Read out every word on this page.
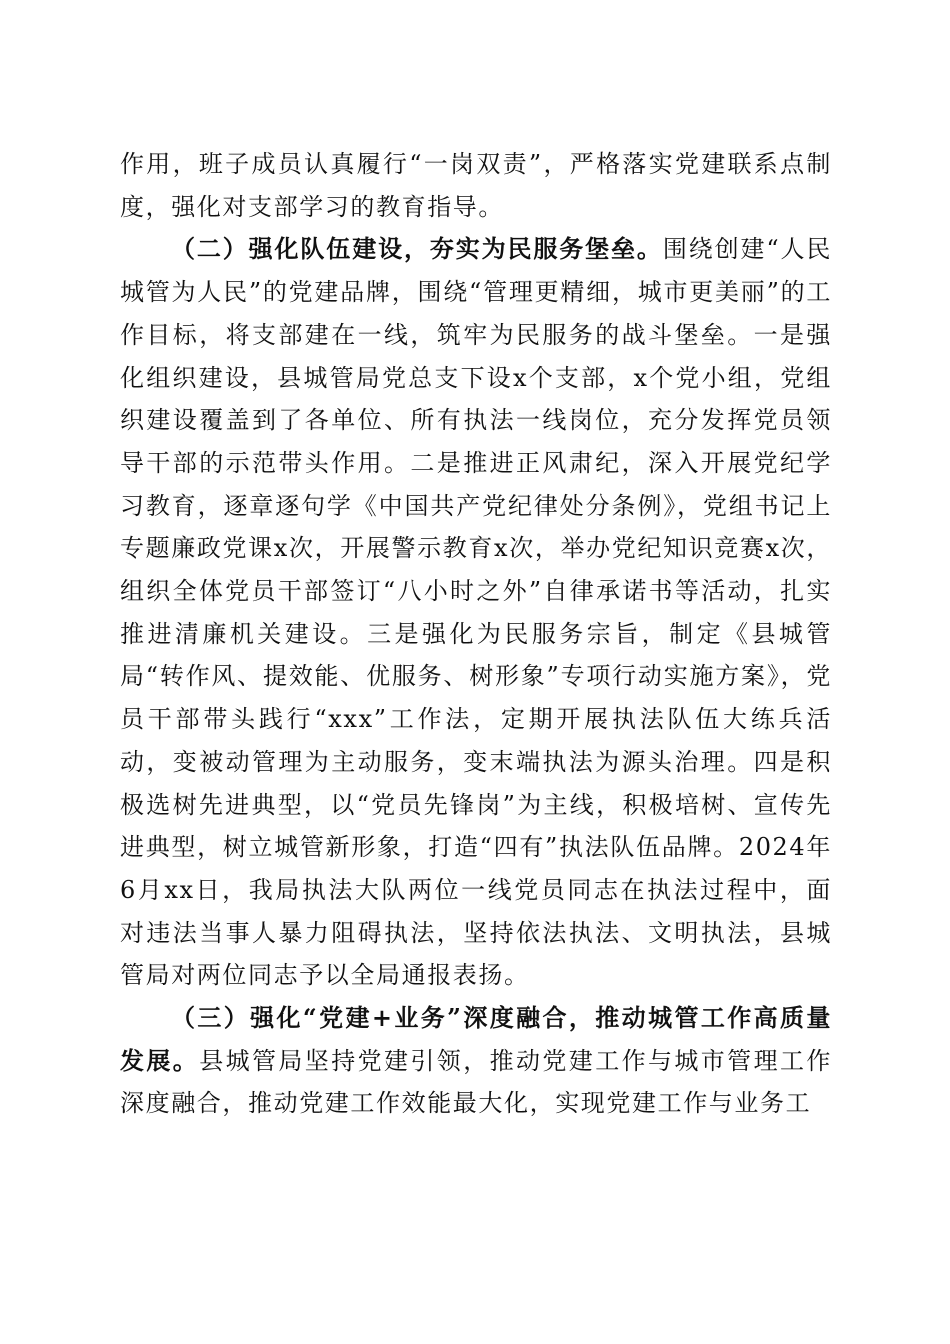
作用，班子成员认真履行“一岗双责”，严格落实党建联系点制度，强化对支部学习的教育指导。

（二）强化队伍建设，夯实为民服务堡垒。围绕创建“人民城管为人民”的党建品牌，围绕“管理更精细，城市更美丽”的工作目标，将支部建在一线，筑牢为民服务的战斗堡垒。一是强化组织建设，县城管局党总支下设x个支部，x个党小组，党组织建设覆盖到了各单位、所有执法一线岗位，充分发挥党员领导干部的示范带头作用。二是推进正风肃纪，深入开展党纪学习教育，逐章逐句学《中国共产党纪律处分条例》，党组书记上专题廉政党课x次，开展警示教育x次，举办党纪知识竞赛x次，组织全体党员干部签订“八小时之外”自律承诺书等活动，扎实推进清廉机关建设。三是强化为民服务宗旨，制定《县城管局“转作风、提效能、优服务、树形象”专项行动实施方案》，党员干部带头践行“xxx”工作法，定期开展执法队伍大练兵活动，变被动管理为主动服务，变末端执法为源头治理。四是积极选树先进典型，以“党员先锋岗”为主线，积极培树、宣传先进典型，树立城管新形象，打造“四有”执法队伍品牌。2024年6月xx日，我局执法大队两位一线党员同志在执法过程中，面对违法当事人暴力阻碍执法，坚持依法执法、文明执法，县城管局对两位同志予以全局通报表扬。

（三）强化“党建+业务”深度融合，推动城管工作高质量发展。县城管局坚持党建引领，推动党建工作与城市管理工作深度融合，推动党建工作效能最大化，实现党建工作与业务工
